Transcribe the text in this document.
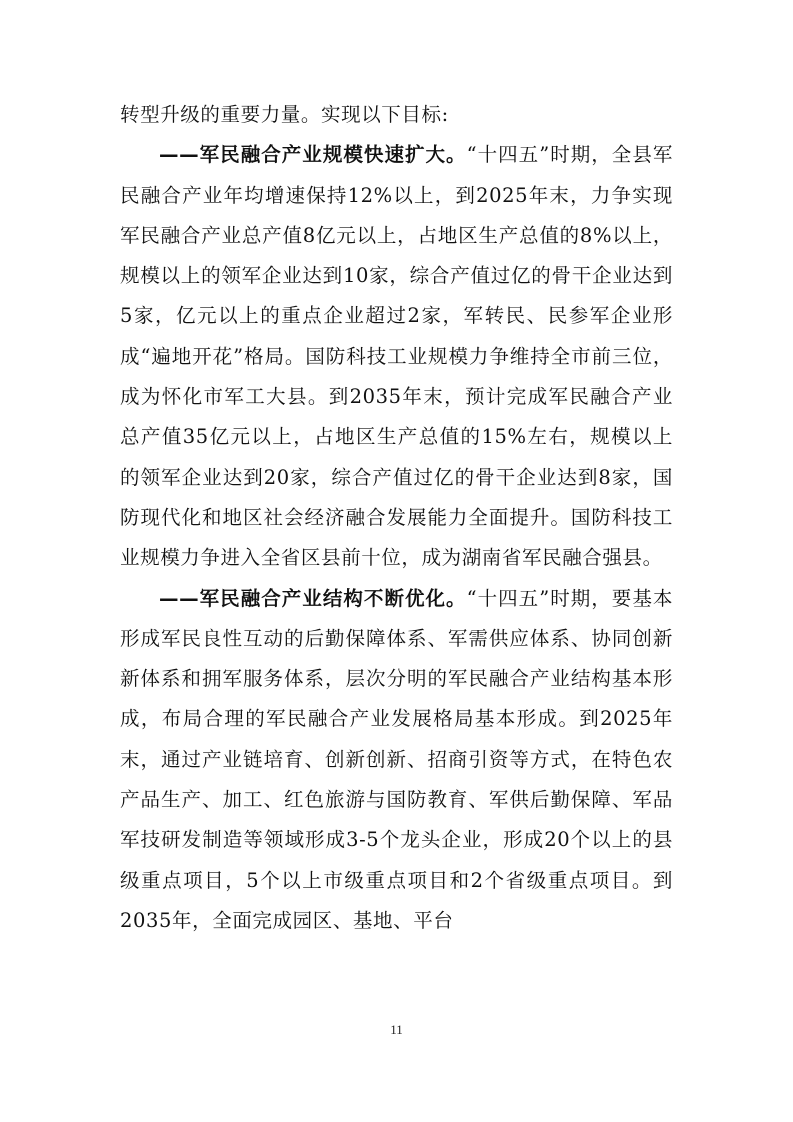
转型升级的重要力量。实现以下目标:

——军民融合产业规模快速扩大。“十四五”时期，全县军民融合产业年均增速保持12%以上，到2025年末，力争实现军民融合产业总产值8亿元以上，占地区生产总值的8%以上，规模以上的领军企业达到10家，综合产值过亿的骨干企业达到5家，亿元以上的重点企业超过2家，军转民、民参军企业形成“遍地开花”格局。国防科技工业规模力争维持全市前三位，成为怀化市军工大县。到2035年末，预计完成军民融合产业总产值35亿元以上，占地区生产总值的15%左右，规模以上的领军企业达到20家，综合产值过亿的骨干企业达到8家，国防现代化和地区社会经济融合发展能力全面提升。国防科技工业规模力争进入全省区县前十位，成为湖南省军民融合强县。

——军民融合产业结构不断优化。“十四五”时期，要基本形成军民良性互动的后勤保障体系、军需供应体系、协同创新新体系和拥军服务体系，层次分明的军民融合产业结构基本形成，布局合理的军民融合产业发展格局基本形成。到2025年末，通过产业链培育、创新创新、招商引资等方式，在特色农产品生产、加工、红色旅游与国防教育、军供后勤保障、军品军技研发制造等领域形成3-5个龙头企业，形成20个以上的县级重点项目，5个以上市级重点项目和2个省级重点项目。到2035年，全面完成园区、基地、平台

11
